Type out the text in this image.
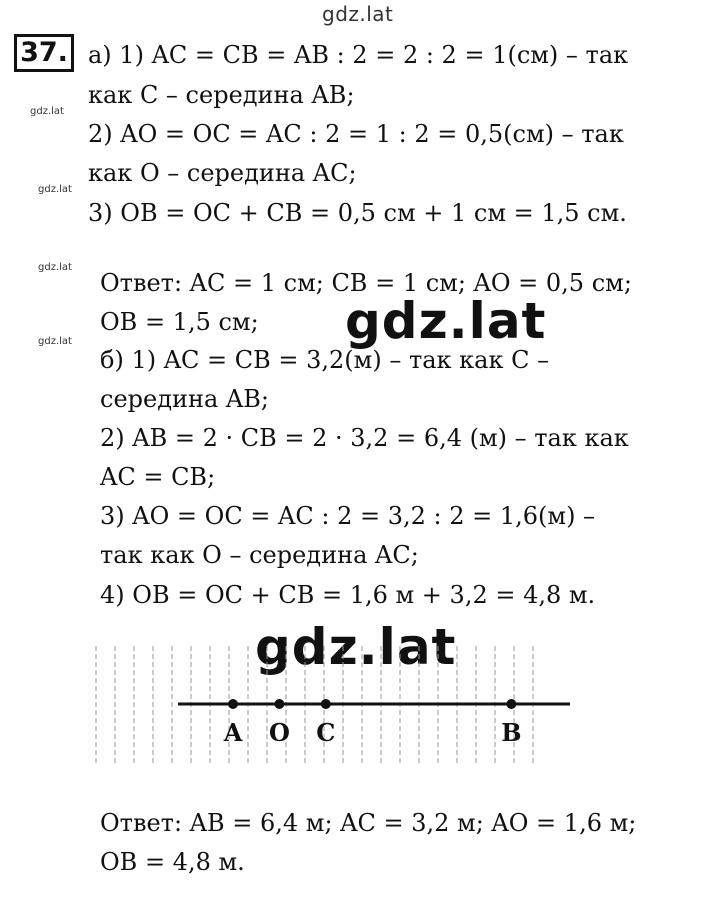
gdz.lat
gdz.lat
gdz.lat
gdz.lat
gdz.lat	gdz.lat
gdz.lat
37. а) 1) AC = CB = AB : 2 = 2 : 2 = 1(см) – так
как C – середина AB;
2) AO = OC = AC : 2 = 1 : 2 = 0,5(см) – так
как O – середина AC;
3) OB = OC + CB = 0,5 см + 1 см = 1,5 см.
Ответ: AC = 1 см; CB = 1 см; AO = 0,5 см;
OB = 1,5 см;
б) 1) AC = CB = 3,2(м) – так как C –
середина AB;
2) AB = 2 · CB = 2 · 3,2 = 6,4 (м) – так как
AC = CB;
3) AO = OC = AC : 2 = 3,2 : 2 = 1,6(м) –
так как O – середина AC;
4) OB = OC + CB = 1,6 м + 3,2 = 4,8 м.
Ответ: AB = 6,4 м; AC = 3,2 м; AO = 1,6 м;
OB = 4,8 м.
A O C	B
